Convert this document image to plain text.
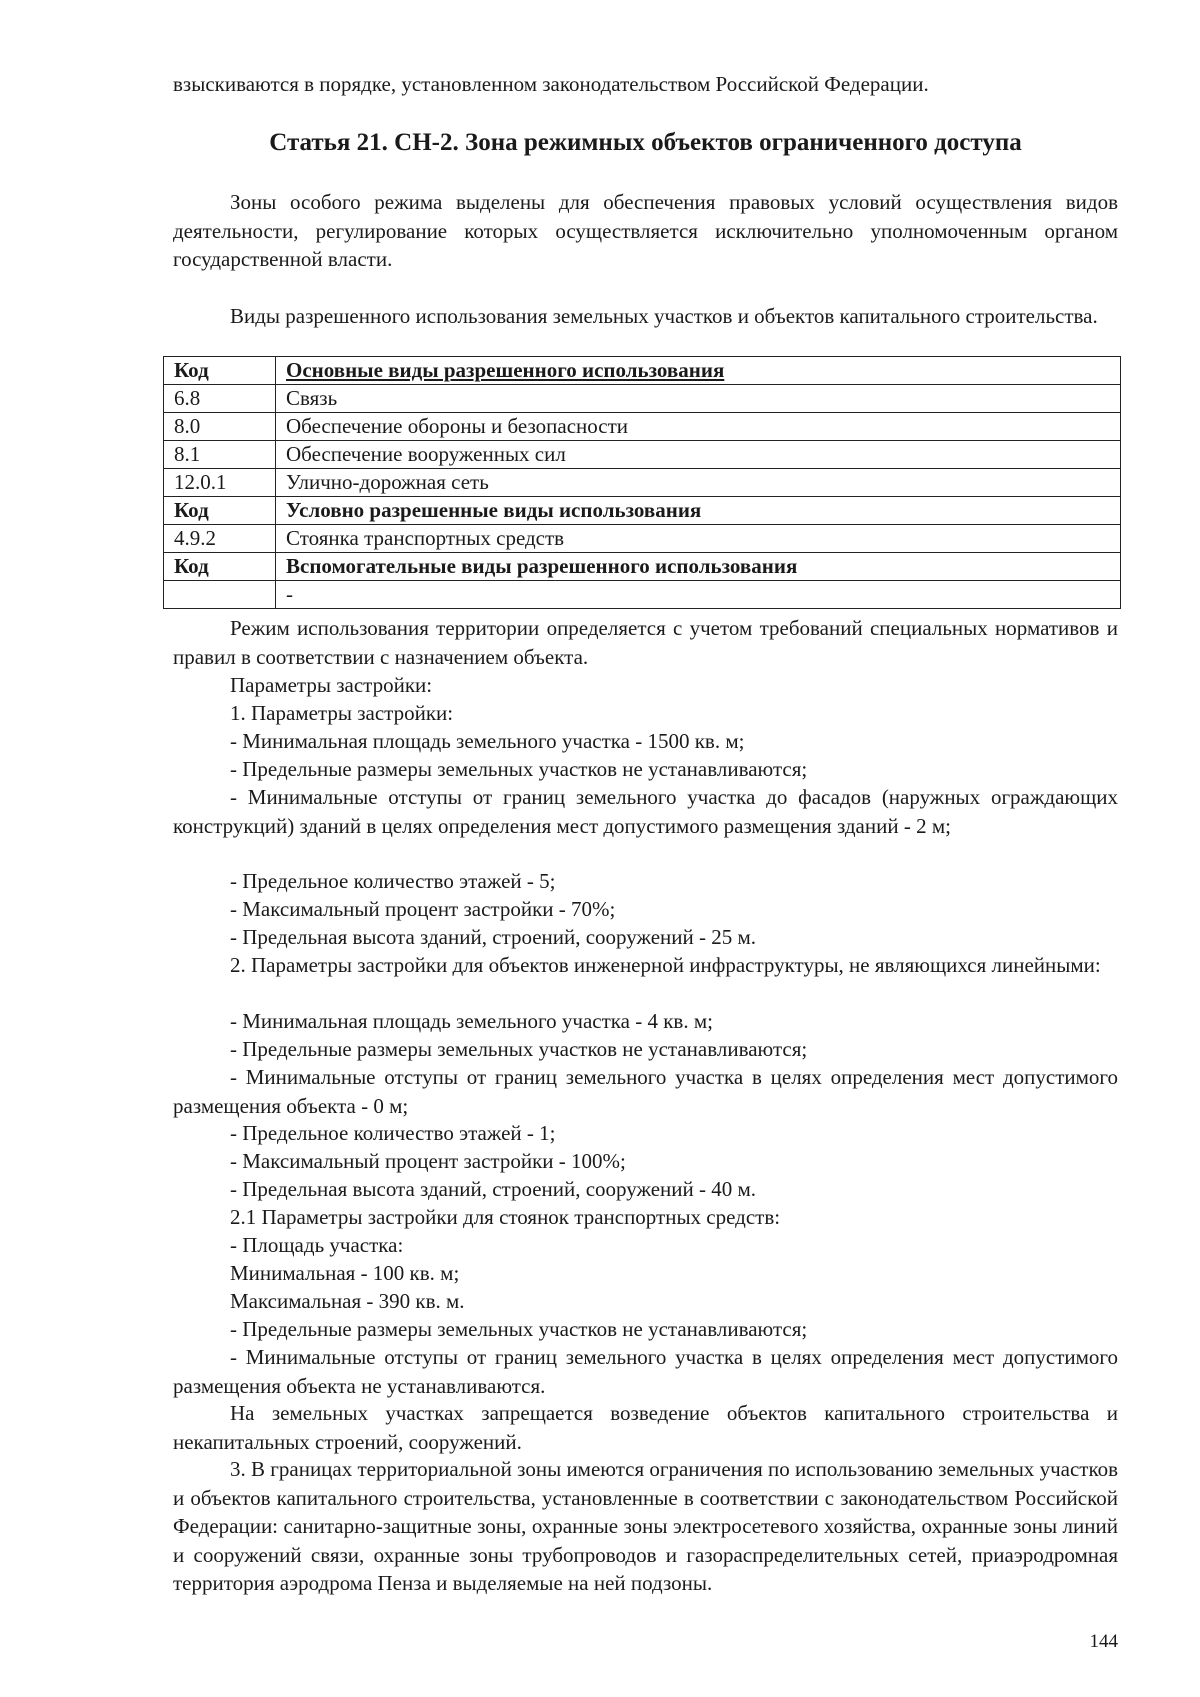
взыскиваются в порядке, установленном законодательством Российской Федерации.

Статья 21. СН-2. Зона режимных объектов ограниченного доступа

Зоны особого режима выделены для обеспечения правовых условий осуществления видов деятельности, регулирование которых осуществляется исключительно уполномоченным органом государственной власти.

Виды разрешенного использования земельных участков и объектов капитального строительства.

Код	Основные виды разрешенного использования
6.8	Связь
8.0	Обеспечение обороны и безопасности
8.1	Обеспечение вооруженных сил
12.0.1	Улично-дорожная сеть
Код	Условно разрешенные виды использования
4.9.2	Стоянка транспортных средств
Код	Вспомогательные виды разрешенного использования
	-

Режим использования территории определяется с учетом требований специальных нормативов и правил в соответствии с назначением объекта.

Параметры застройки:

1. Параметры застройки:

- Минимальная площадь земельного участка - 1500 кв. м;

- Предельные размеры земельных участков не устанавливаются;

- Минимальные отступы от границ земельного участка до фасадов (наружных ограждающих конструкций) зданий в целях определения мест допустимого размещения зданий - 2 м;

- Предельное количество этажей - 5;

- Максимальный процент застройки - 70%;

- Предельная высота зданий, строений, сооружений - 25 м.

2. Параметры застройки для объектов инженерной инфраструктуры, не являющихся линейными:

- Минимальная площадь земельного участка - 4 кв. м;

- Предельные размеры земельных участков не устанавливаются;

- Минимальные отступы от границ земельного участка в целях определения мест допустимого размещения объекта - 0 м;

- Предельное количество этажей - 1;

- Максимальный процент застройки - 100%;

- Предельная высота зданий, строений, сооружений - 40 м.

2.1 Параметры застройки для стоянок транспортных средств:

- Площадь участка:

Минимальная - 100 кв. м;

Максимальная - 390 кв. м.

- Предельные размеры земельных участков не устанавливаются;

- Минимальные отступы от границ земельного участка в целях определения мест допустимого размещения объекта не устанавливаются.

На земельных участках запрещается возведение объектов капитального строительства и некапитальных строений, сооружений.

3. В границах территориальной зоны имеются ограничения по использованию земельных участков и объектов капитального строительства, установленные в соответствии с законодательством Российской Федерации: санитарно-защитные зоны, охранные зоны электросетевого хозяйства, охранные зоны линий и сооружений связи, охранные зоны трубопроводов и газораспределительных сетей, приаэродромная территория аэродрома Пенза и выделяемые на ней подзоны.

144
